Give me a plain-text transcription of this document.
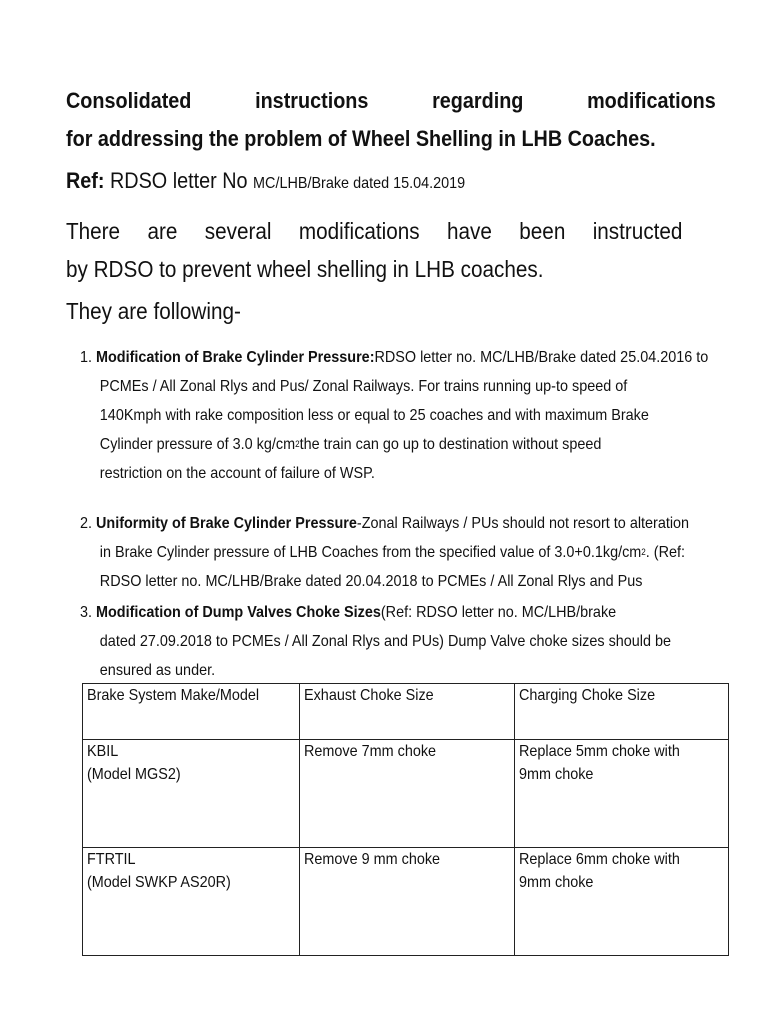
Consolidated	instructions	regarding	modifications
for addressing the problem of Wheel Shelling in LHB Coaches.
Ref: RDSO letter No MC/LHB/Brake dated 15.04.2019
There are several modifications have been instructed
by RDSO to prevent wheel shelling in LHB coaches.
They are following-
1.
Modification of Brake Cylinder Pressure: RDSO letter no. MC/LHB/Brake dated 25.04.2016 to
PCMEs / All Zonal Rlys and Pus/ Zonal Railways. For trains running up-to speed of
140Kmph with rake composition less or equal to 25 coaches and with maximum Brake
Cylinder pressure of 3.0 kg/cm 2 the train can go up to destination without speed
restriction on the account of failure of WSP.
2.
Uniformity of Brake Cylinder Pressure -Zonal Railways / PUs should not resort to alteration
in Brake Cylinder pressure of LHB Coaches from the specified value of 3.0+0.1kg/cm 2 . (Ref:
RDSO letter no. MC/LHB/Brake dated 20.04.2018 to PCMEs / All Zonal Rlys and Pus
3.
Modification of Dump Valves Choke Sizes (Ref: RDSO letter no. MC/LHB/brake
dated 27.09.2018 to PCMEs / All Zonal Rlys and PUs) Dump Valve choke sizes should be
ensured as under.
Brake System Make/Model	Exhaust Choke Size	Charging Choke Size

KBIL
(Model MGS2)	Remove 7mm choke	Replace 5mm choke with
9mm choke

FTRTIL
(Model SWKP AS20R)	Remove 9 mm choke	Replace 6mm choke with
9mm choke
